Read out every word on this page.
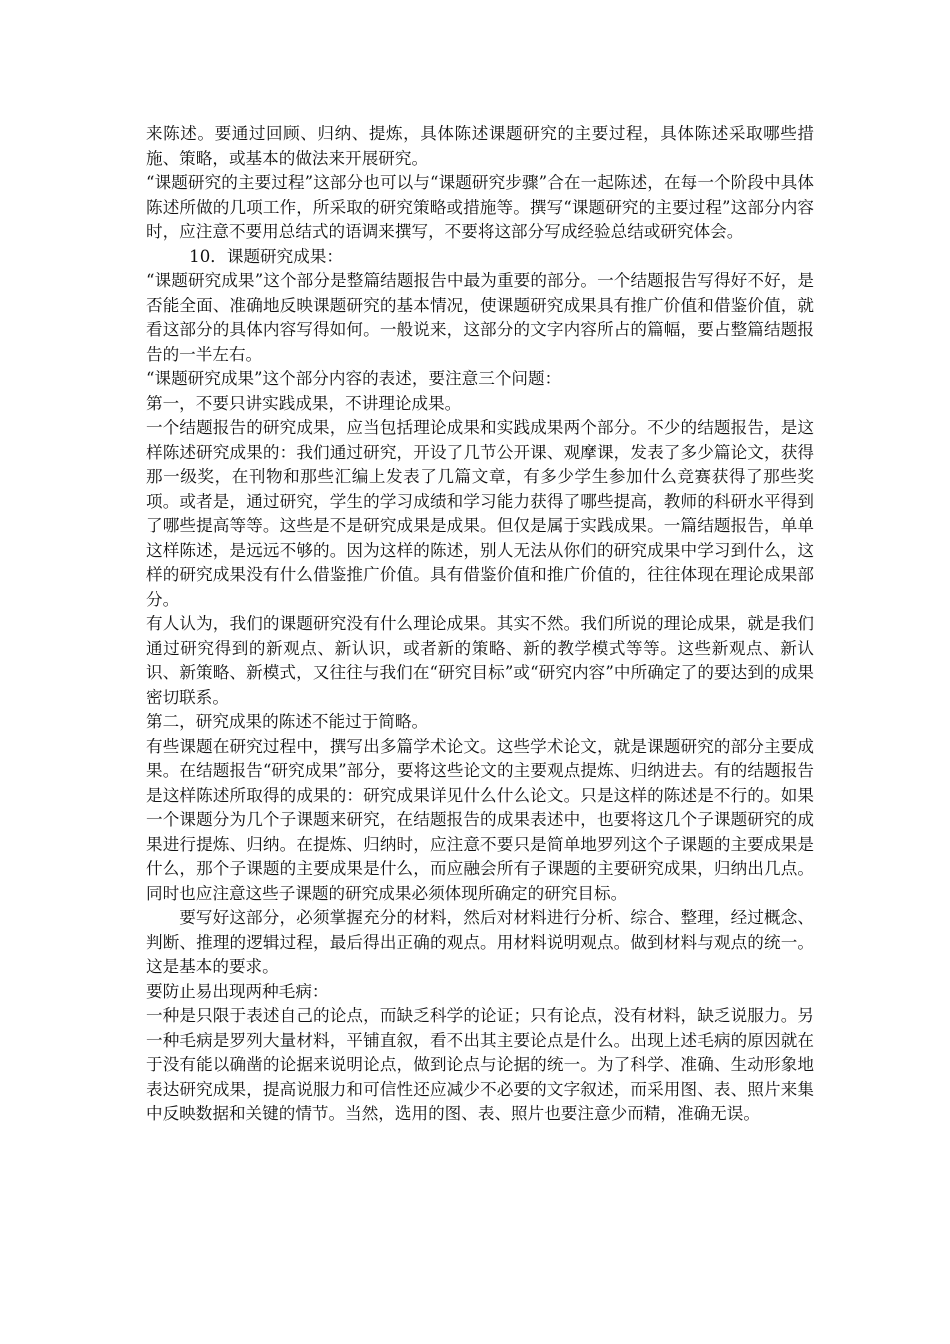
来陈述。要通过回顾、归纳、提炼，具体陈述课题研究的主要过程，具体陈述采取哪些措施、策略，或基本的做法来开展研究。

“课题研究的主要过程”这部分也可以与“课题研究步骤”合在一起陈述，在每一个阶段中具体陈述所做的几项工作，所采取的研究策略或措施等。撰写“课题研究的主要过程”这部分内容时，应注意不要用总结式的语调来撰写，不要将这部分写成经验总结或研究体会。

10．课题研究成果：

“课题研究成果”这个部分是整篇结题报告中最为重要的部分。一个结题报告写得好不好，是否能全面、准确地反映课题研究的基本情况，使课题研究成果具有推广价值和借鉴价值，就看这部分的具体内容写得如何。一般说来，这部分的文字内容所占的篇幅，要占整篇结题报告的一半左右。

“课题研究成果”这个部分内容的表述，要注意三个问题：

第一，不要只讲实践成果，不讲理论成果。

一个结题报告的研究成果，应当包括理论成果和实践成果两个部分。不少的结题报告，是这样陈述研究成果的：我们通过研究，开设了几节公开课、观摩课，发表了多少篇论文，获得那一级奖，在刊物和那些汇编上发表了几篇文章，有多少学生参加什么竞赛获得了那些奖项。或者是，通过研究，学生的学习成绩和学习能力获得了哪些提高，教师的科研水平得到了哪些提高等等。这些是不是研究成果是成果。但仅是属于实践成果。一篇结题报告，单单这样陈述，是远远不够的。因为这样的陈述，别人无法从你们的研究成果中学习到什么，这样的研究成果没有什么借鉴推广价值。具有借鉴价值和推广价值的，往往体现在理论成果部分。

有人认为，我们的课题研究没有什么理论成果。其实不然。我们所说的理论成果，就是我们通过研究得到的新观点、新认识，或者新的策略、新的教学模式等等。这些新观点、新认识、新策略、新模式，又往往与我们在“研究目标”或“研究内容”中所确定了的要达到的成果密切联系。

第二，研究成果的陈述不能过于简略。

有些课题在研究过程中，撰写出多篇学术论文。这些学术论文，就是课题研究的部分主要成果。在结题报告“研究成果”部分，要将这些论文的主要观点提炼、归纳进去。有的结题报告是这样陈述所取得的成果的：研究成果详见什么什么论文。只是这样的陈述是不行的。如果一个课题分为几个子课题来研究，在结题报告的成果表述中，也要将这几个子课题研究的成果进行提炼、归纳。在提炼、归纳时，应注意不要只是简单地罗列这个子课题的主要成果是什么，那个子课题的主要成果是什么，而应融会所有子课题的主要研究成果，归纳出几点。同时也应注意这些子课题的研究成果必须体现所确定的研究目标。

要写好这部分，必须掌握充分的材料，然后对材料进行分析、综合、整理，经过概念、判断、推理的逻辑过程，最后得出正确的观点。用材料说明观点。做到材料与观点的统一。这是基本的要求。

要防止易出现两种毛病：

一种是只限于表述自己的论点，而缺乏科学的论证；只有论点，没有材料，缺乏说服力。另一种毛病是罗列大量材料，平铺直叙，看不出其主要论点是什么。出现上述毛病的原因就在于没有能以确凿的论据来说明论点，做到论点与论据的统一。为了科学、准确、生动形象地表达研究成果，提高说服力和可信性还应减少不必要的文字叙述，而采用图、表、照片来集中反映数据和关键的情节。当然，选用的图、表、照片也要注意少而精，准确无误。
